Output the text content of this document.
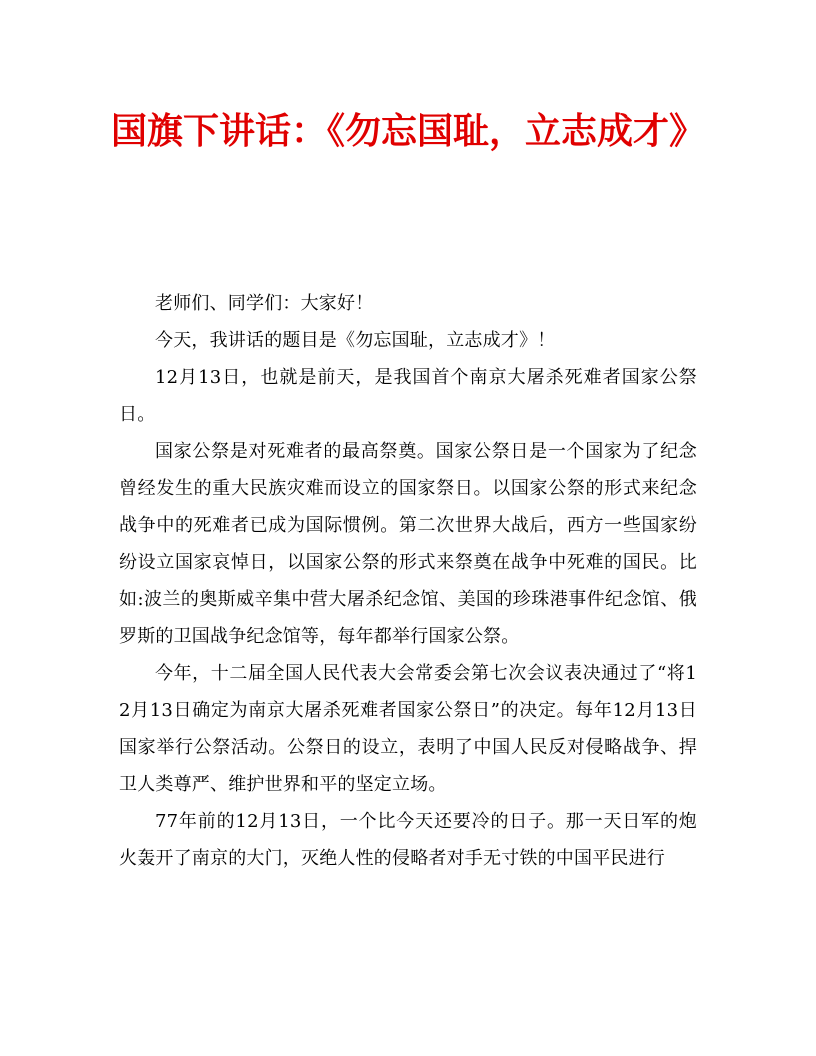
国旗下讲话：《勿忘国耻，立志成才》

老师们、同学们：大家好！

今天，我讲话的题目是《勿忘国耻，立志成才》！

12月13日，也就是前天，是我国首个南京大屠杀死难者国家公祭日。

国家公祭是对死难者的最高祭奠。国家公祭日是一个国家为了纪念曾经发生的重大民族灾难而设立的国家祭日。以国家公祭的形式来纪念战争中的死难者已成为国际惯例。第二次世界大战后，西方一些国家纷纷设立国家哀悼日，以国家公祭的形式来祭奠在战争中死难的国民。比如:波兰的奥斯威辛集中营大屠杀纪念馆、美国的珍珠港事件纪念馆、俄罗斯的卫国战争纪念馆等，每年都举行国家公祭。

今年，十二届全国人民代表大会常委会第七次会议表决通过了“将12月13日确定为南京大屠杀死难者国家公祭日”的决定。每年12月13日国家举行公祭活动。公祭日的设立，表明了中国人民反对侵略战争、捍卫人类尊严、维护世界和平的坚定立场。

77年前的12月13日，一个比今天还要冷的日子。那一天日军的炮火轰开了南京的大门，灭绝人性的侵略者对手无寸铁的中国平民进行
